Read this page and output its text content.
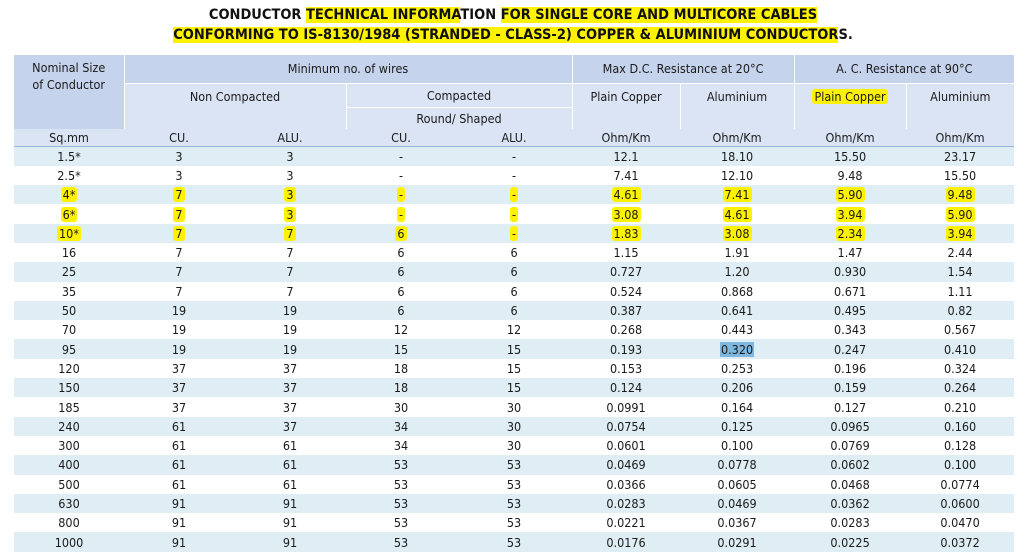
CONDUCTOR TECHNICAL INFORMATION FOR SINGLE CORE AND MULTICORE CABLES
CONFORMING TO IS-8130/1984 (STRANDED - CLASS-2) COPPER & ALUMINIUM CONDUCTORS.
Nominal Size
of Conductor	Minimum no. of wires				Max D.C. Resistance at 20°C		A. C. Resistance at 90°C	
	Non Compacted		Compacted		Plain Copper	Aluminium	Plain Copper	Aluminium
			Round/ Shaped					
Sq.mm	CU.	ALU.	CU.	ALU.	Ohm/Km	Ohm/Km	Ohm/Km	Ohm/Km
1.5*	3	3	-	-	12.1	18.10	15.50	23.17
2.5*	3	3	-	-	7.41	12.10	9.48	15.50
4*	7	3	-	-	4.61	7.41	5.90	9.48
6*	7	3	-	-	3.08	4.61	3.94	5.90
10*	7	7	6	-	1.83	3.08	2.34	3.94
16	7	7	6	6	1.15	1.91	1.47	2.44
25	7	7	6	6	0.727	1.20	0.930	1.54
35	7	7	6	6	0.524	0.868	0.671	1.11
50	19	19	6	6	0.387	0.641	0.495	0.82
70	19	19	12	12	0.268	0.443	0.343	0.567
95	19	19	15	15	0.193	0.320	0.247	0.410
120	37	37	18	15	0.153	0.253	0.196	0.324
150	37	37	18	15	0.124	0.206	0.159	0.264
185	37	37	30	30	0.0991	0.164	0.127	0.210
240	61	37	34	30	0.0754	0.125	0.0965	0.160
300	61	61	34	30	0.0601	0.100	0.0769	0.128
400	61	61	53	53	0.0469	0.0778	0.0602	0.100
500	61	61	53	53	0.0366	0.0605	0.0468	0.0774
630	91	91	53	53	0.0283	0.0469	0.0362	0.0600
800	91	91	53	53	0.0221	0.0367	0.0283	0.0470
1000	91	91	53	53	0.0176	0.0291	0.0225	0.0372
